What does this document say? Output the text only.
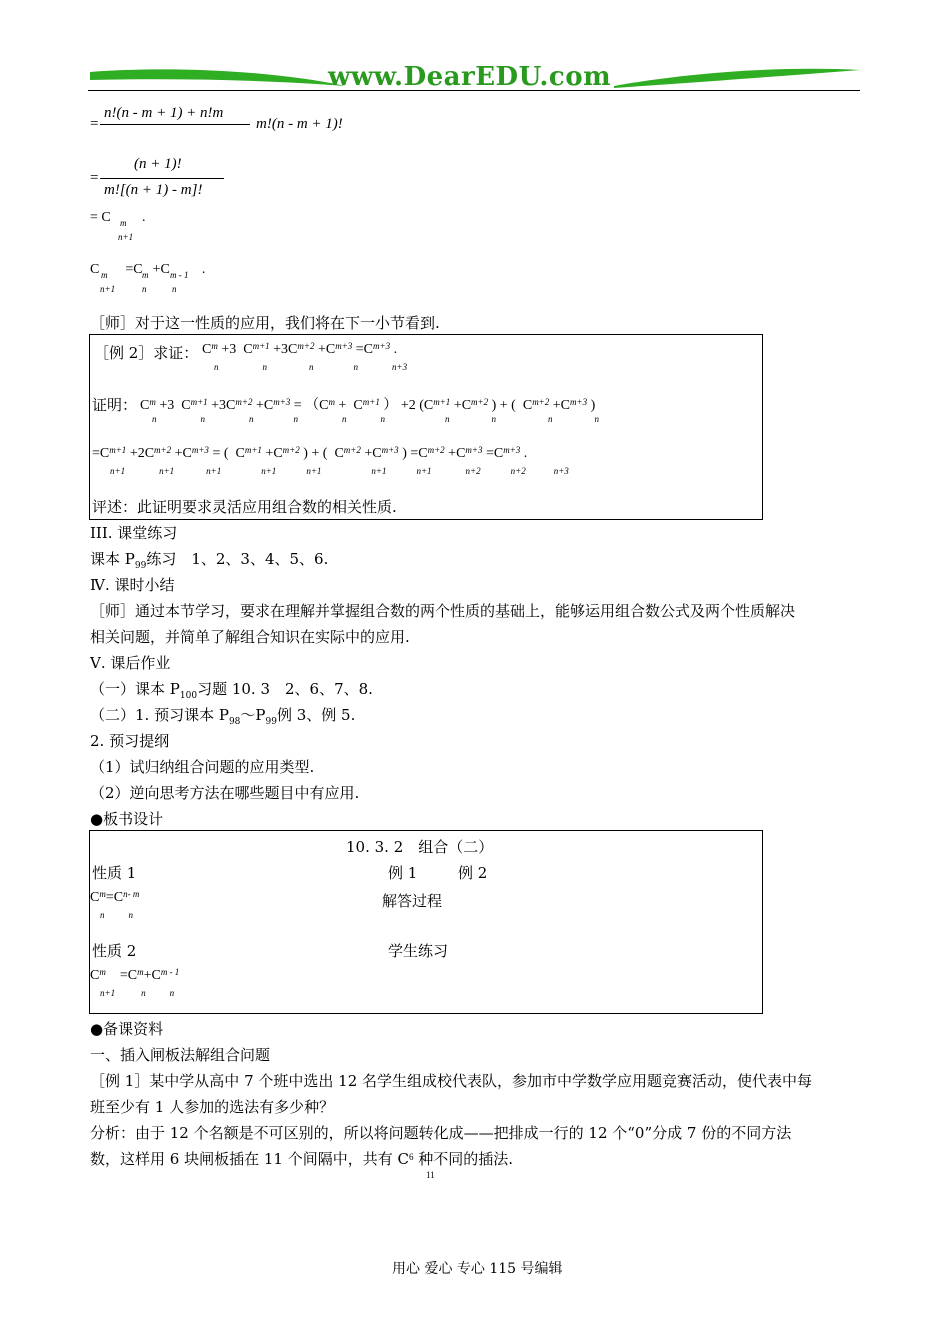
www.DearEDU.com
=
n!(n - m + 1) + n!m
m!(n - m + 1)!
=
(n + 1)!
m![(n + 1) - m]!
= C m
n+1
.
C =C +C .
m
n+1
m
n
m - 1
n
［师］对于这一性质的应用，我们将在下一小节看到.
［例 2］求证： $C^m +3$  $C^{m+1} +3C^{m+2} +C^{m+3} =C^{m+3}$ .
n	n	n	n	n+3
证明： $C^m +3$  $C^{m+1} +3C^{m+2} +C^{m+3} = (C^m + C^{m+1}$ ） +2 ($C^{m+1} +C^{m+2}$ ) + (  $C^{m+2} +C^{m+3}$ )
n	n	n	n	n	n	n	n	n	n
$=C^{m+1} +2C^{m+2} +C^{m+3}$ = (  $C^{m+1} +C^{m+2}$ ) + (  $C^{m+2} +C^{m+3}$ ) $=C^{m+2} +C^{m+3} =C^{m+3}$ .
n+1	n+1	n+1	n+1	n+1	n+1	n+1	n+2	n+2	n+3
评述：此证明要求灵活应用组合数的相关性质.
III. 课堂练习
课本 $P_{99}$练习　1、2、3、4、5、6.
Ⅳ. 课时小结
［师］通过本节学习，要求在理解并掌握组合数的两个性质的基础上，能够运用组合数公式及两个性质解决
相关问题，并简单了解组合知识在实际中的应用.
Ⅴ. 课后作业
（一）课本 $P_{100}$习题 10. 3　2、6、7、8.
（二）1. 预习课本 $P_{98}\sim P_{99}$例 3、例 5.
2. 预习提纲
（1）试归纳组合问题的应用类型.
（2）逆向思考方法在哪些题目中有应用.
●板书设计
10. 3. 2　组合（二）
性质 1	例 1	例 2
$C^m=C^{n- m}$
n	n
解答过程
性质 2	学生练习
$C^m =C^m+C^{m - 1}$
n+1	n	n
●备课资料
一、插入闸板法解组合问题
［例 1］某中学从高中 7 个班中选出 12 名学生组成校代表队，参加市中学数学应用题竞赛活动，使代表中每
班至少有 1 人参加的选法有多少种？
分析：由于 12 个名额是不可区别的，所以将问题转化成——把排成一行的 12 个“0”分成 7 份的不同方法
数，这样用 6 块闸板插在 11 个间隔中，共有 $C^6$ 种不同的插法.
11
用心 爱心 专心 115 号编辑
